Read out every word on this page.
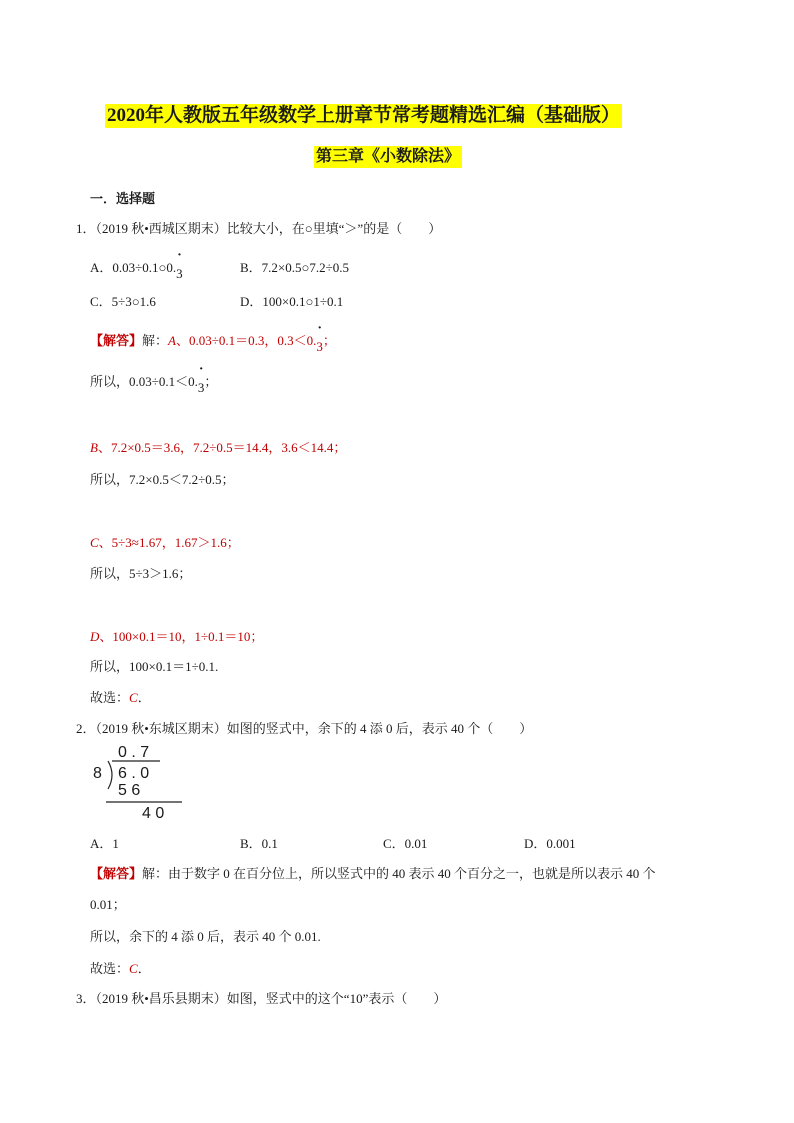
2020年人教版五年级数学上册章节常考题精选汇编（基础版）
第三章《小数除法》
一．选择题
1．（2019 秋•西城区期末）比较大小，在○里填“＞”的是（　　）
A．0.03÷0.1○0.
·
3	B．7.2×0.5○7.2÷0.5
C．5÷3○1.6	D．100×0.1○1÷0.1
【解答】解：A、0.03÷0.1＝0.3，0.3＜0.
·
3；
所以，0.03÷0.1＜0.
·
3；
B、7.2×0.5＝3.6，7.2÷0.5＝14.4，3.6＜14.4；
所以，7.2×0.5＜7.2÷0.5；
C、5÷3≈1.67，1.67＞1.6；
所以，5÷3＞1.6；
D、100×0.1＝10，1÷0.1＝10；
所以，100×0.1＝1÷0.1.
故选：C．
2．（2019 秋•东城区期末）如图的竖式中，余下的 4 添 0 后，表示 40 个（　　）
0 . 7
8 6 . 0
5 6
4 0
A．1	B．0.1	C．0.01	D．0.001
【解答】解：由于数字 0 在百分位上，所以竖式中的 40 表示 40 个百分之一，也就是所以表示 40 个
0.01；
所以，余下的 4 添 0 后，表示 40 个 0.01.
故选：C．
3．（2019 秋•昌乐县期末）如图，竖式中的这个“10”表示（　　）
